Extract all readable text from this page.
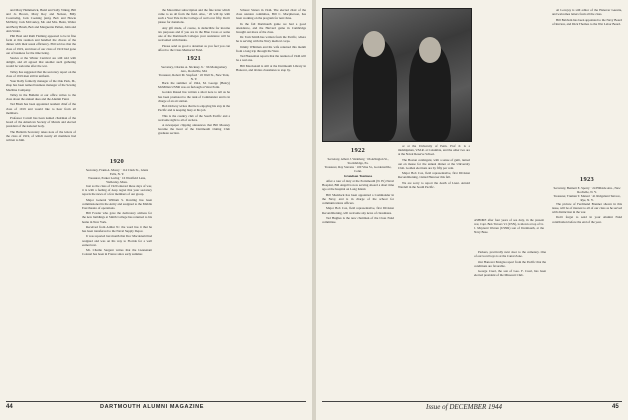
and Mary Hammerick, Budd and Sally Vining, Bill and Jo Brown, Mary Roy and Nelson, Billy Coonradng, Jack Cooking (ann), Bob and Howie McNulty, Jack McCauley, Mr. and Mrs. Benn, Walter and Betty Brush, Bob and Marguerite Pullen, John and Ann Strain.

Phil Heal and Ruth Fleming appeared to be in fine form at this reunion and handled the chores of the dinner with their usual efficiency. Phil told us that the class of 1919, and most of our class of 1919 had gone out of business for the time being.

Stories at the Winter Carnival are still told with delight, and all agreed that another such gathering would be welcome after the war.

Talley has suggested that the secretary report on the class of 1919 men still in uniform.

Your Rally formerly manager of the Oak Park, Ill., shop has been named business manager of the Sewing Machine Company.

Talley in the Bulletin at our office writes to the class about the annual dues and the Alumni Fund.

Ted Blom has been appointed resident chief of the class of 1919 and would like to hear from all members.

Professor Carroll has been named chairman of the board of the American Society of Metals and elected president of the national body.

The Bulletin Secretary takes note of the letters of the class of 1919, of which nearly all members had written to him.

1920

Secretary, Frank A. Morey · 114 Clark St., Glens Falls, N. Y.

Treasurer, Parker Loring · 16 Westfield Lane, Wellesley, Mass.

Just as the class of 1920 entered these days of war, it is with a feeling of deep regret that your secretary reports the news of a few members of our group.

Major General William S. Rawling has been commissioned in the Army and assigned to the Middle East theatre of operations.

Bill Fowler who gave the dedicatory address for the new buildings at Smith College has returned to his home in New York.

Received from Arthur N.: the word has it that he has been transferred to the Naval Supply Depot.

It was reported last month that Doc Macdonald had resigned and was on his way to Florida for a well earned rest.

Mr. Charlie Sargent writes that the Lieutenant Colonel has been in France since early summer.

the Macomber subscription and the fine letter which came to us all from the field. Also, ' 20 will tip with such a Yost Yale in the College of well over fifty. Don't please for donations.

Any gift made, of course, is deductible for income tax purposes and if you are in the Blue Cross or some one of the Dartmouth Colleges your assistance will be welcomed with thanks.

Please send as good a donation as you feel you can afford to the Class Memorial Fund.

1921

Secretary, Charles A. Stickney Jr. · 96 Montgomery Ave., Rockville, Md.

Treasurer, Robert M. Stopford · 45 Wall St., New York, N. Y.

Back the summer of 1944, M. George (Henry) McMillen USNR was on furlough at West Point.

Gordon Russel has written a short note to tell us he has been promoted to the rank of Commander and is in charge of an air station.

Bob Ordway writes that he is enjoying his stay in the Pacific and is keeping busy at his job.

This is the country club of the South Pacific and a welcome sight to all of us here.

A newspaper clipping announces that Bill Mooney became the head of the Dartmouth Outing Club graduate section.

Scherer Sisters in 1944. The elected chair of the class reunion committee, Bill C. Macpherson, has been working on the program for next June.

In the fall Dartmouth game we had a good attendance, and the Harvard game in Cambridge brought out more of the class.

Dr. Tom Smith has written from the Pacific, where he is serving with the Navy medical corps.

Jimmy Whitman and his wife returned this month from a long trip through the West.

Ted Houseman reports that the reunion of 1946 will be a real one.

Bill Macdonald is still at the Dartmouth Library in Hanover, and invites classmates to stop by.

44	DARTMOUTH ALUMNI MAGAZINE
ASHORE after four years of sea duty, in the present war, Capt. Ben Travers '21 (USN), is shown at top of Lt. J. Maynard Warren (USNR) son of Dartmouth, at the Navy Base.

1922

Secretary, Albert J. Weinberg · 66 Arlington St., Stockbridge, Pa.

Treasurer, Ray Stevens · 100 Vine St., Gordonsville, Conn.

Grandson Tourness

After a tour of duty at the Portsmouth (N. H.) Naval Hospital, Bill Angell is now serving aboard a short time ago at the hospital on Long Island.

Bill Shaddock has been appointed a Commander in the Navy, and is in charge of the school for communications officers.

Major Bob Cox, field representative, first Division Reconditioning, will welcome any news of classmates.

Ted Hughes is the new chairman of the Class Fund committee.

or at the University of Penn. Prof Jr. is a midshipman, V.M.R. at Columbia, and the other two are at the Naval Reserve School.

The Boston contingent, with a sense of guilt, turned out en masse for the annual dinner at the University Club. Golden elections are by fifty per cent.

Major Bob Cox, field representative, first Division Reconditioning, visited Hanover this fall.

We are sorry to report the death of Lieut. Arnold Wardell in the South Pacific.

Parkers, practically next door to the cemetery. One of our local boys is at the Canal Zone.

Our Hanover Ensigns report from the Pacific that the conditions are favorable.

George Creel, the son of Geo. F. Creel, has been elected president of the Missouri Club.

Al Lovejoy is still editor of the Hanover Gazette, and welcomes letters from all the class.

Bill Baldwin has been appointed to the Navy Board of Review, and Dick Thomas to the War Labor Board.

1923

Secretary, Bennett E. Sperry · 24 Hillside Ave., New Rochelle, N. Y.

Treasurer, Truman T. Metzel · 41 Ridgeland Terrace, Rye, N. Y.

The picture of Ferdinand Brenner shown in this issue, will be of interest to all of our class as he served with distinction in the war.

Don't forget to send in your Alumni Fund contribution before the end of the year.

Issue of DECEMBER 1944	45
